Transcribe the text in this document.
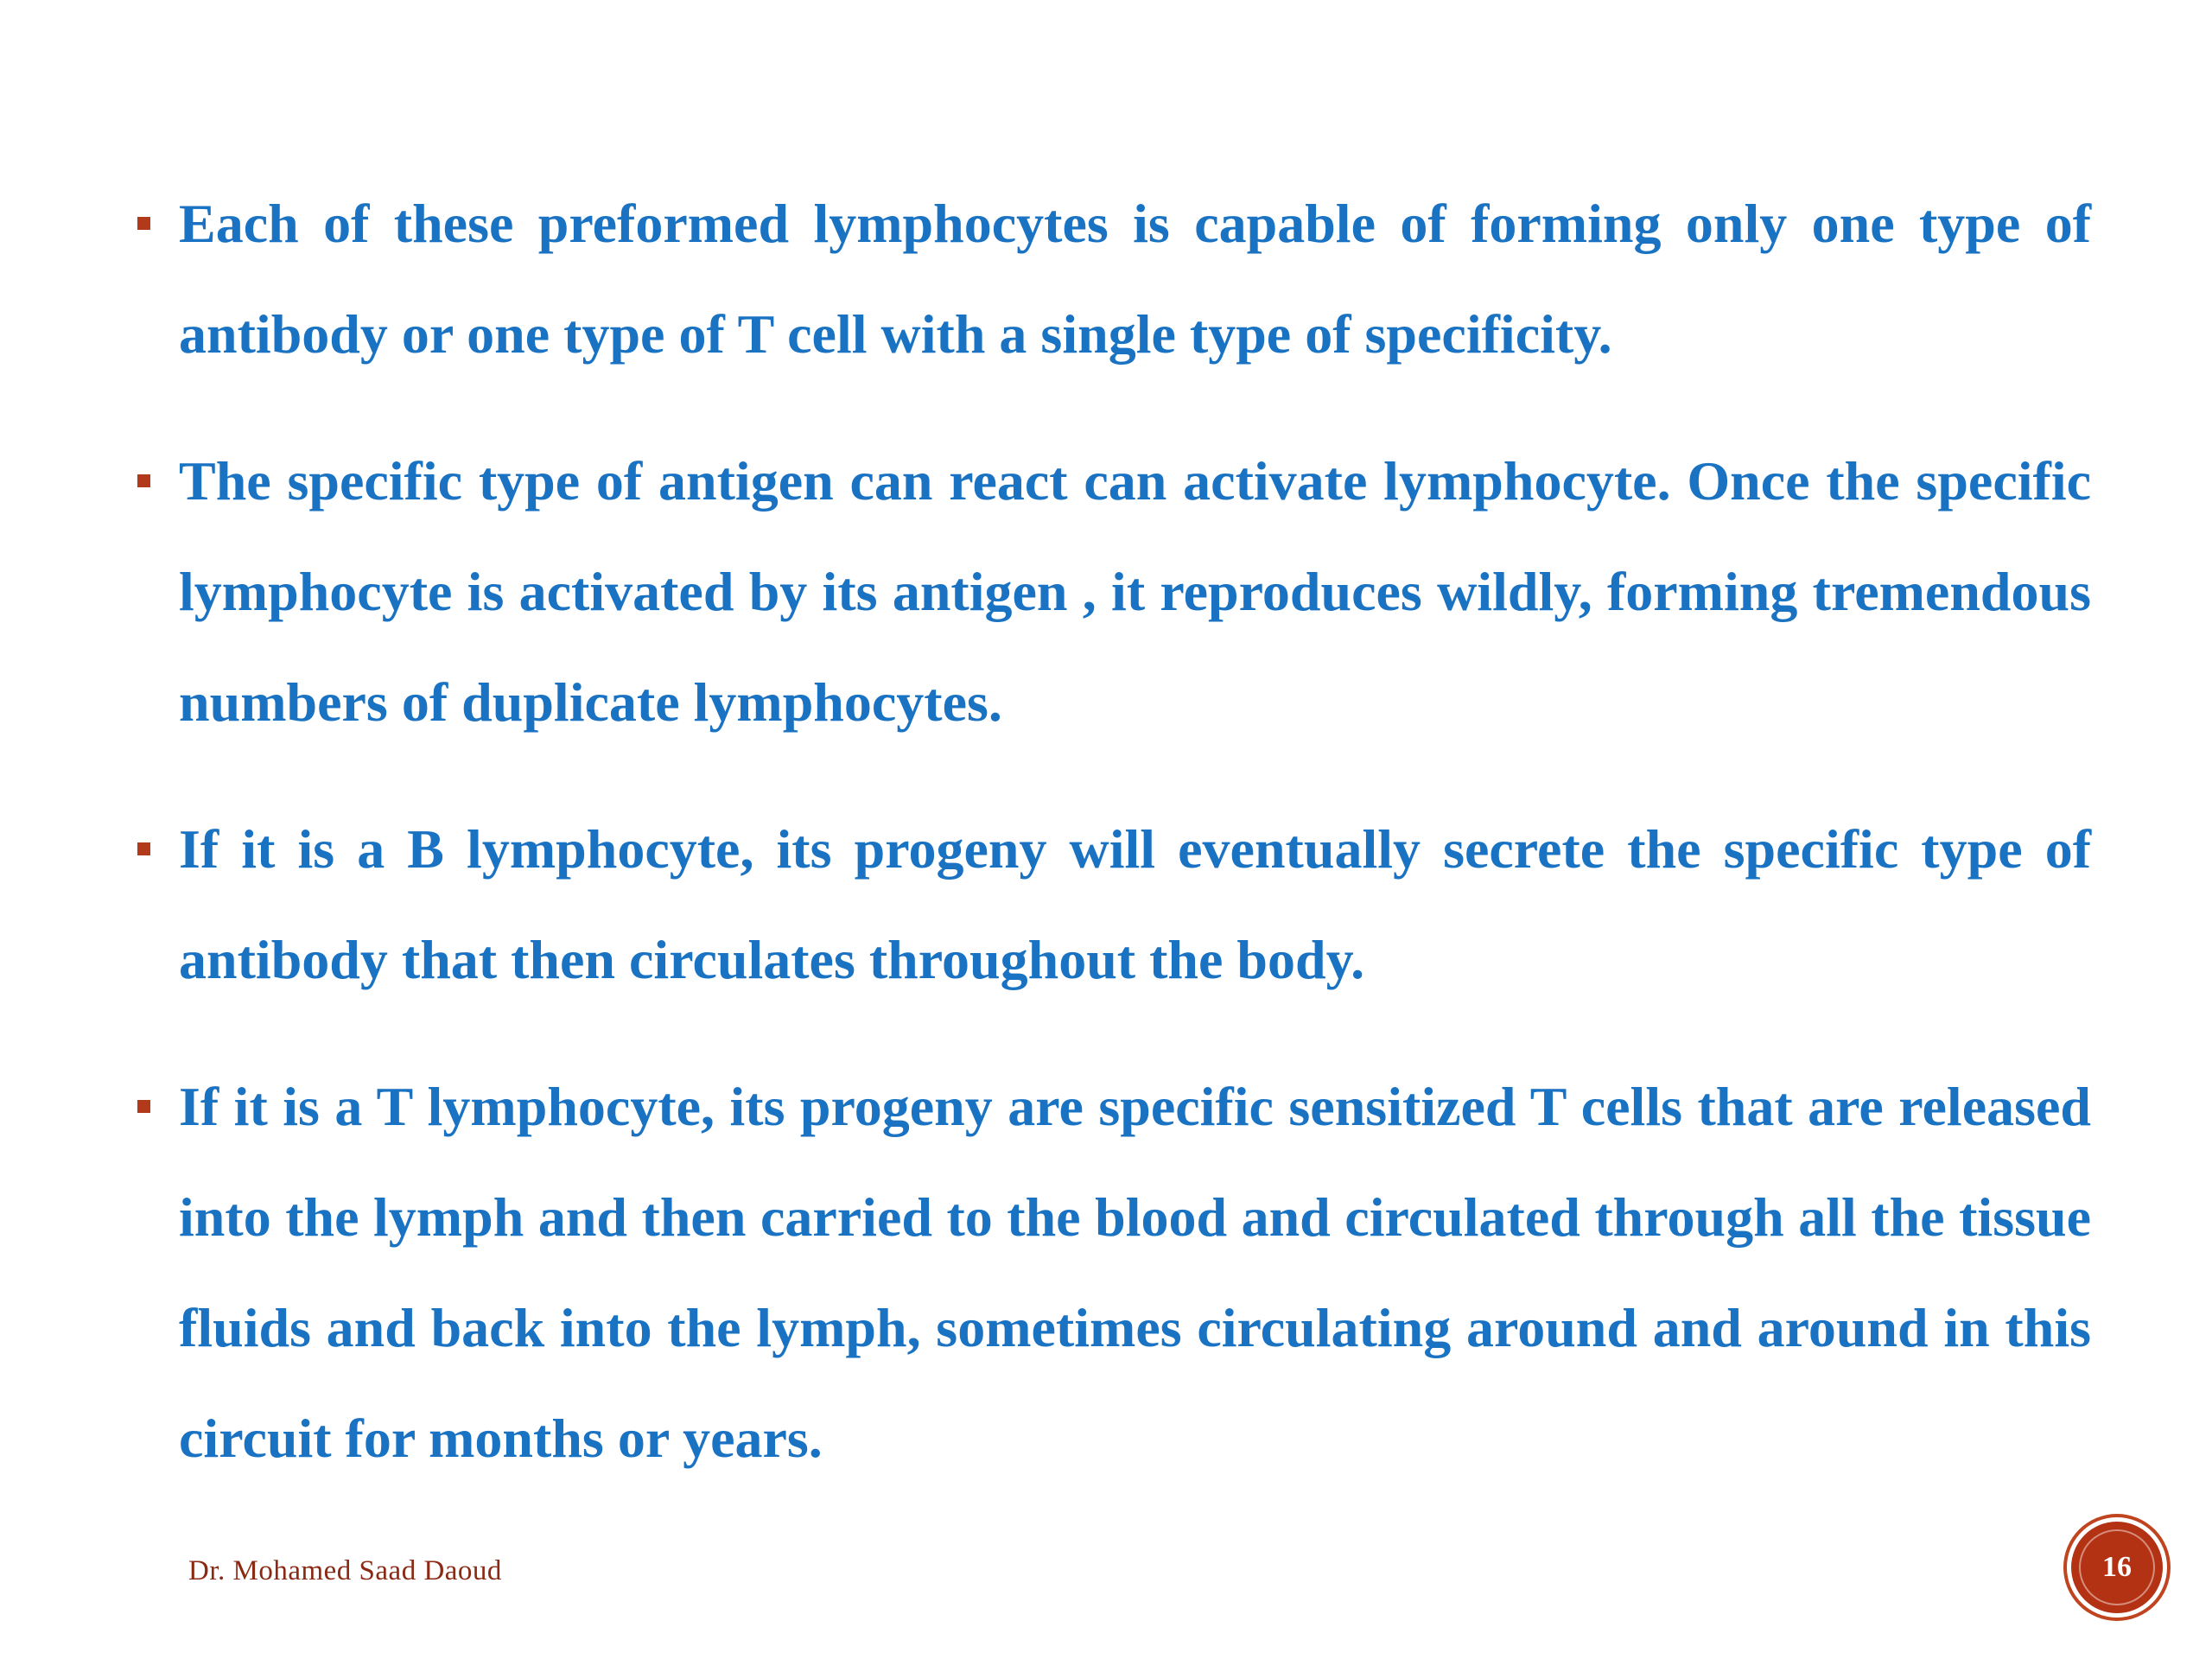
Each of these preformed lymphocytes is capable of forming only one type of antibody or one type of T cell with a single type of specificity.
The specific type of antigen can react can activate lymphocyte. Once the specific lymphocyte is activated by its antigen , it reproduces wildly, forming tremendous numbers of duplicate lymphocytes.
If it is a B lymphocyte, its progeny will eventually secrete the specific type of antibody that then circulates throughout the body.
If it is a T lymphocyte, its progeny are specific sensitized T cells that are released into the lymph and then carried to the blood and circulated through all the tissue fluids and back into the lymph, sometimes circulating around and around in this circuit for months or years.
Dr. Mohamed Saad Daoud	16
